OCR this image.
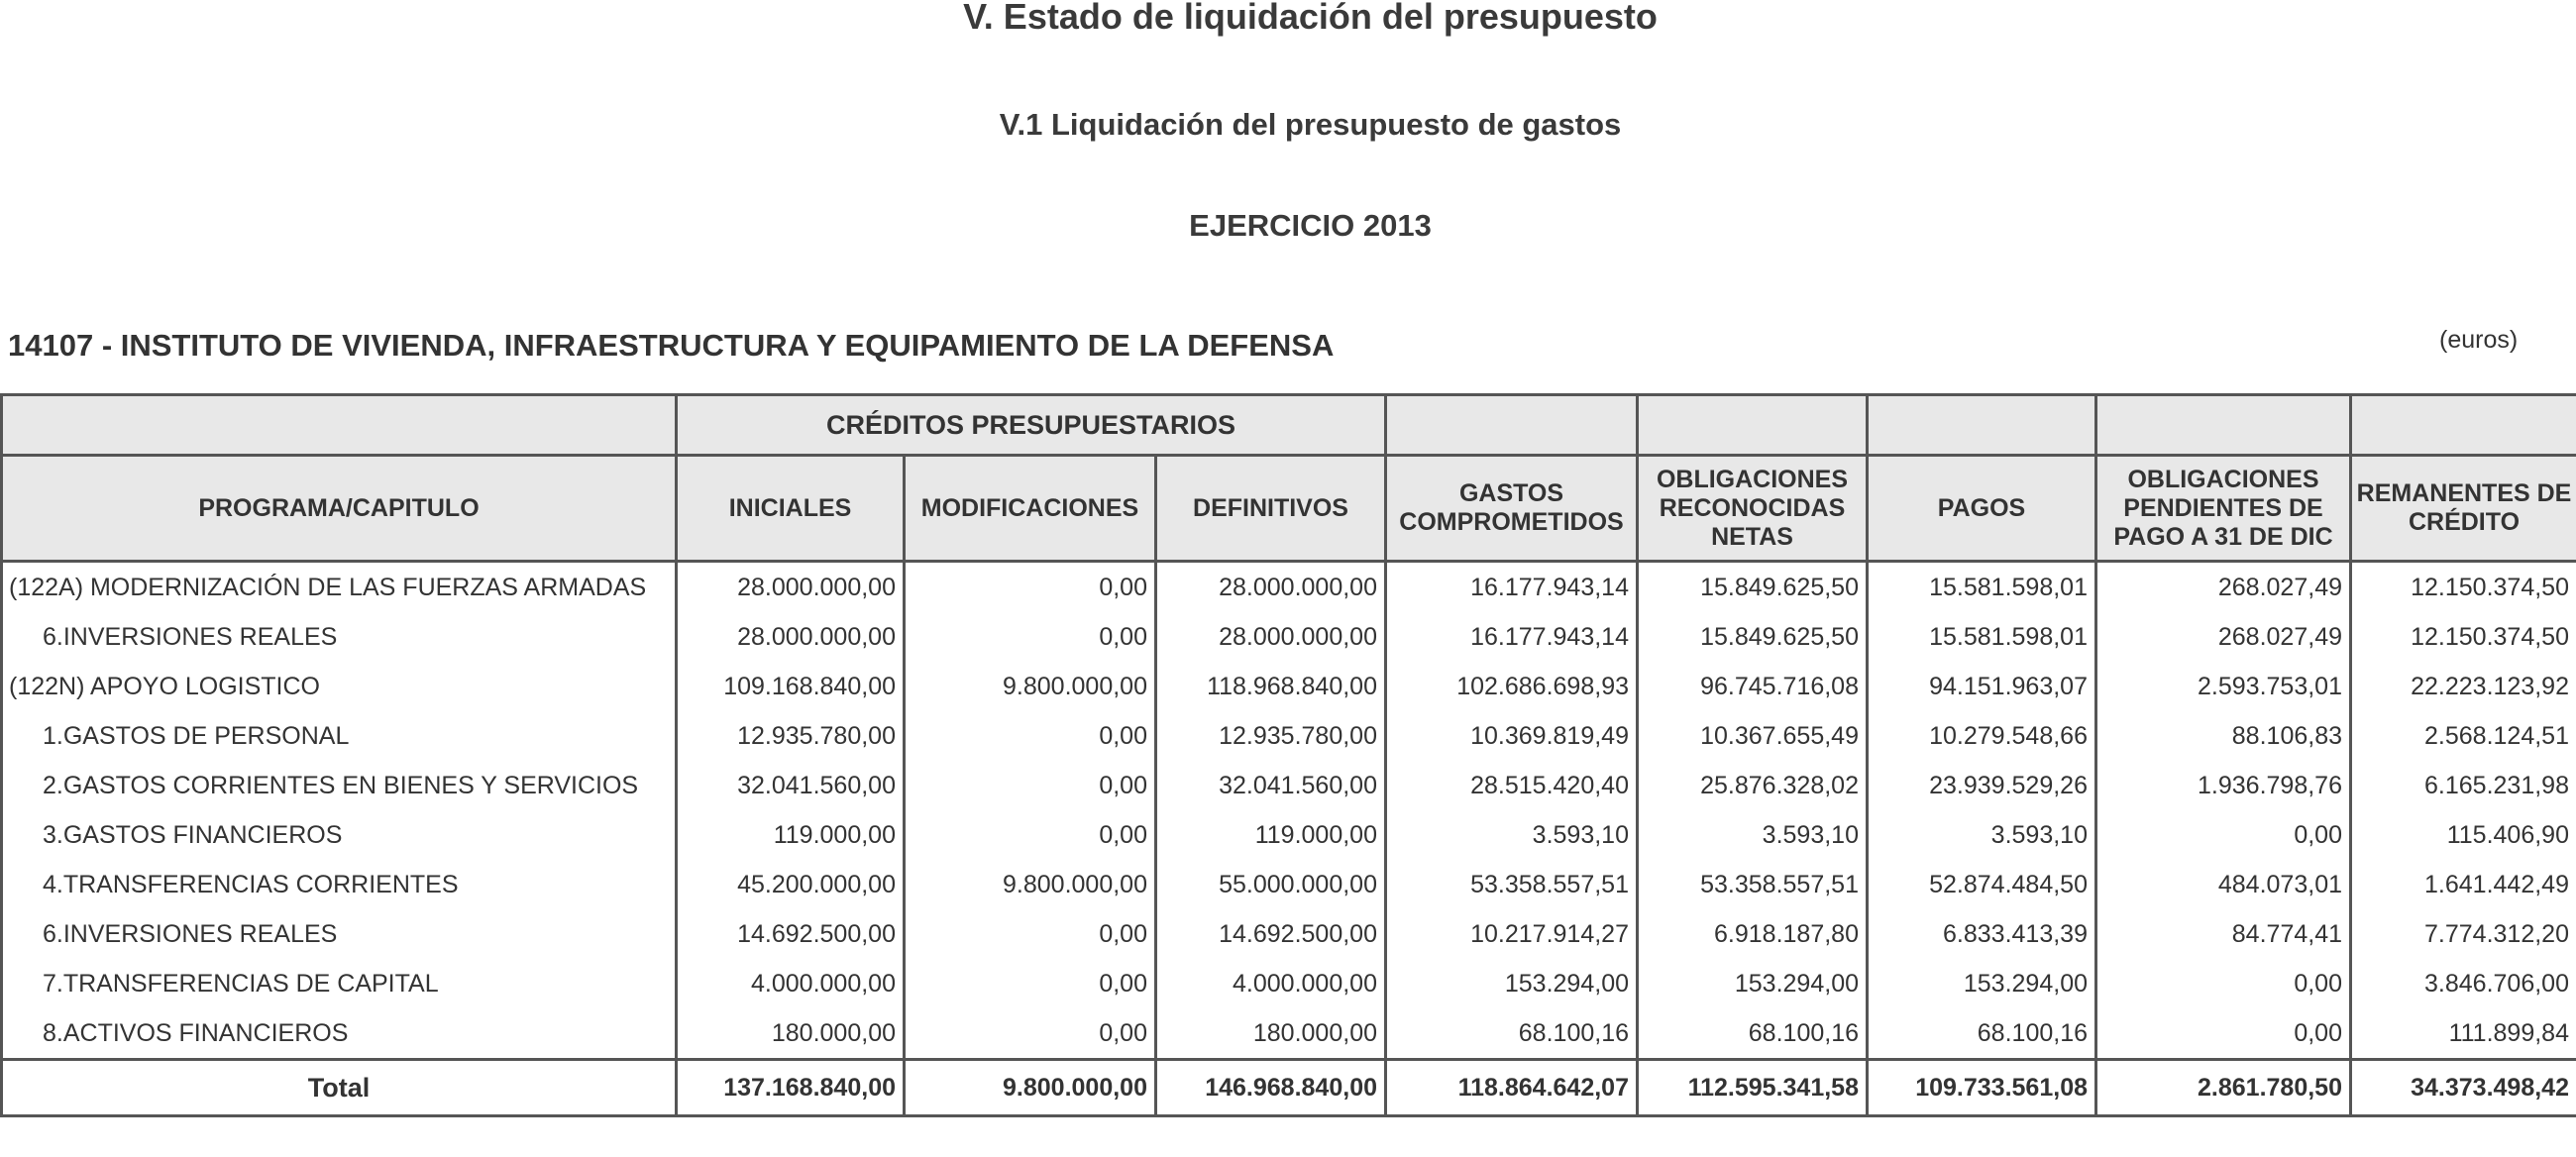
V. Estado de liquidación del presupuesto
V.1 Liquidación del presupuesto de gastos
EJERCICIO 2013
14107 - INSTITUTO DE VIVIENDA, INFRAESTRUCTURA Y EQUIPAMIENTO DE LA DEFENSA	(euros)
	CRÉDITOS PRESUPUESTARIOS							
PROGRAMA/CAPITULO	INICIALES	MODIFICACIONES	DEFINITIVOS	GASTOS COMPROMETIDOS	OBLIGACIONES RECONOCIDAS NETAS	PAGOS	OBLIGACIONES PENDIENTES DE PAGO A 31 DE DIC	REMANENTES DE CRÉDITO
(122A) MODERNIZACIÓN DE LAS FUERZAS ARMADAS	28.000.000,00	0,00	28.000.000,00	16.177.943,14	15.849.625,50	15.581.598,01	268.027,49	12.150.374,50
6.INVERSIONES REALES	28.000.000,00	0,00	28.000.000,00	16.177.943,14	15.849.625,50	15.581.598,01	268.027,49	12.150.374,50
(122N) APOYO LOGISTICO	109.168.840,00	9.800.000,00	118.968.840,00	102.686.698,93	96.745.716,08	94.151.963,07	2.593.753,01	22.223.123,92
1.GASTOS DE PERSONAL	12.935.780,00	0,00	12.935.780,00	10.369.819,49	10.367.655,49	10.279.548,66	88.106,83	2.568.124,51
2.GASTOS CORRIENTES EN BIENES Y SERVICIOS	32.041.560,00	0,00	32.041.560,00	28.515.420,40	25.876.328,02	23.939.529,26	1.936.798,76	6.165.231,98
3.GASTOS FINANCIEROS	119.000,00	0,00	119.000,00	3.593,10	3.593,10	3.593,10	0,00	115.406,90
4.TRANSFERENCIAS CORRIENTES	45.200.000,00	9.800.000,00	55.000.000,00	53.358.557,51	53.358.557,51	52.874.484,50	484.073,01	1.641.442,49
6.INVERSIONES REALES	14.692.500,00	0,00	14.692.500,00	10.217.914,27	6.918.187,80	6.833.413,39	84.774,41	7.774.312,20
7.TRANSFERENCIAS DE CAPITAL	4.000.000,00	0,00	4.000.000,00	153.294,00	153.294,00	153.294,00	0,00	3.846.706,00
8.ACTIVOS FINANCIEROS	180.000,00	0,00	180.000,00	68.100,16	68.100,16	68.100,16	0,00	111.899,84
Total	137.168.840,00	9.800.000,00	146.968.840,00	118.864.642,07	112.595.341,58	109.733.561,08	2.861.780,50	34.373.498,42
